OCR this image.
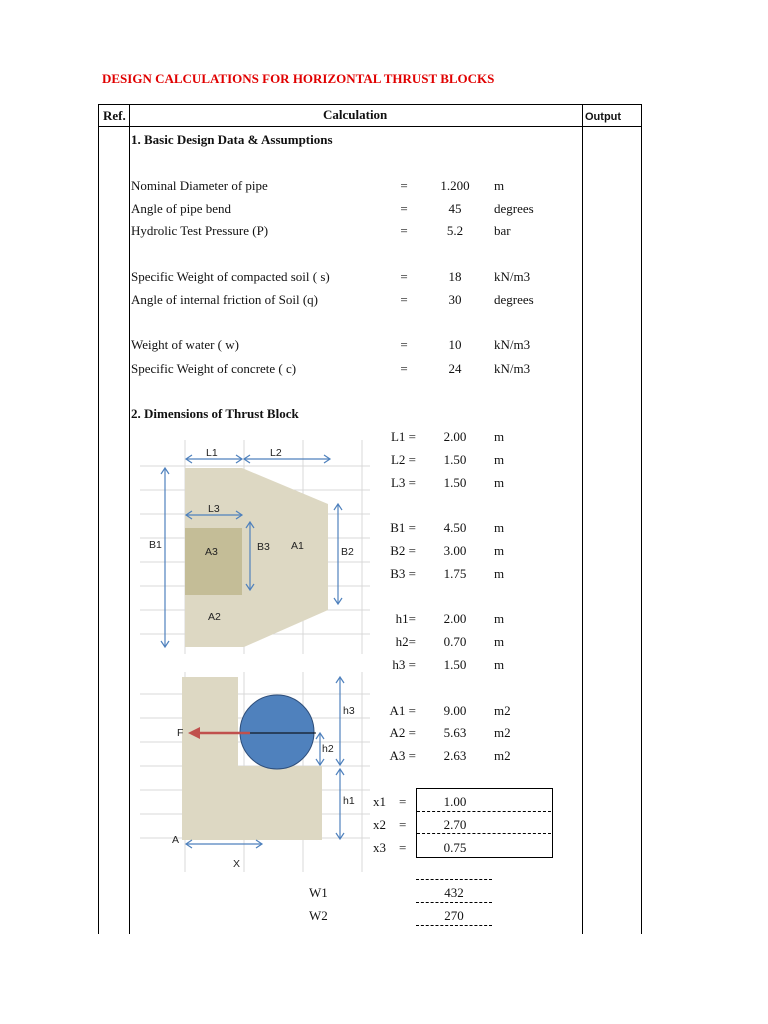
DESIGN CALCULATIONS FOR HORIZONTAL THRUST BLOCKS
Ref.	Calculation	Output
1. Basic Design Data & Assumptions
Nominal Diameter of pipe	=	1.200	m
Angle of pipe bend	=	45	degrees
Hydrolic Test Pressure (P)	=	5.2	bar
Specific Weight of compacted soil ( s)	=	18	kN/m3
Angle of internal friction of Soil (q)	=	30	degrees
Weight of water ( w)	=	10	kN/m3
Specific Weight of concrete ( c)	=	24	kN/m3
2. Dimensions of Thrust Block
L1	L2
L3
B1
A3	B3 A1	B2
A2
F
h3
h2
h1
A
X
L1 =	2.00	m
L2 =	1.50	m
L3 =	1.50	m
B1 =	4.50	m
B2 =	3.00	m
B3 =	1.75	m
h1=	2.00	m
h2=	0.70	m
h3 =	1.50	m
A1 =	9.00	m2
A2 =	5.63	m2
A3 =	2.63	m2
x1 =	1.00
x2 =	2.70
x3 =	0.75
W1	432
W2	270
